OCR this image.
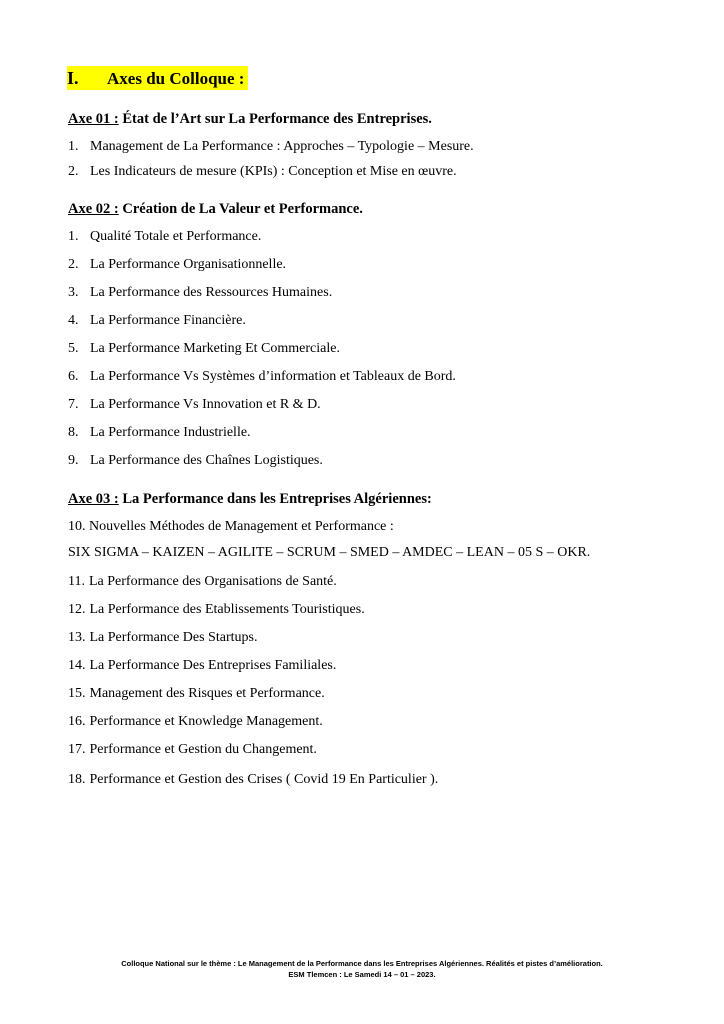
I. Axes du Colloque :
Axe 01 : État de l’Art sur La Performance des Entreprises.
1. Management de La Performance : Approches – Typologie – Mesure.
2. Les Indicateurs de mesure (KPIs) : Conception et Mise en œuvre.
Axe 02 : Création de La Valeur et Performance.
1. Qualité Totale et Performance.
2. La Performance Organisationnelle.
3. La Performance des Ressources Humaines.
4. La Performance Financière.
5. La Performance Marketing Et Commerciale.
6. La Performance Vs Systèmes d’information et Tableaux de Bord.
7. La Performance Vs Innovation et R & D.
8. La Performance Industrielle.
9. La Performance des Chaînes Logistiques.
Axe 03 : La Performance dans les Entreprises Algériennes:
10. Nouvelles Méthodes de Management et Performance :
SIX SIGMA – KAIZEN – AGILITE – SCRUM – SMED – AMDEC – LEAN – 05 S – OKR.
11. La Performance des Organisations de Santé.
12. La Performance des Etablissements Touristiques.
13. La Performance Des Startups.
14. La Performance Des Entreprises Familiales.
15. Management des Risques et Performance.
16. Performance et Knowledge Management.
17. Performance et Gestion du Changement.
18. Performance et Gestion des Crises ( Covid 19 En Particulier ).
Colloque National sur le thème : Le Management de la Performance dans les Entreprises Algériennes. Réalités et pistes d’amélioration.
ESM Tlemcen : Le Samedi 14 – 01 – 2023.
